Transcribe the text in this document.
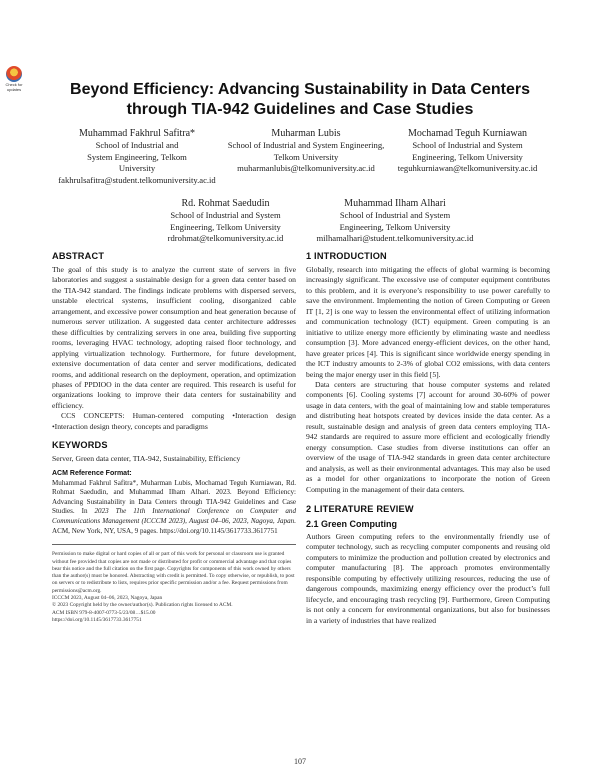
Check for updates	Beyond Efficiency: Advancing Sustainability in Data Centers
through TIA-942 Guidelines and Case Studies
Muhammad Fakhrul Safitra*
School of Industrial and System Engineering, Telkom University
fakhrulsafitra@student.telkomuniversity.ac.id
Muharman Lubis
School of Industrial and System Engineering, Telkom University
muharmanlubis@telkomuniversity.ac.id
Mochamad Teguh Kurniawan
School of Industrial and System Engineering, Telkom University
teguhkurniawan@telkomuniversity.ac.id
Rd. Rohmat Saedudin
School of Industrial and System Engineering, Telkom University
rdrohmat@telkomuniversity.ac.id
Muhammad Ilham Alhari
School of Industrial and System Engineering, Telkom University
milhamalhari@student.telkomuniversity.ac.id
ABSTRACT

The goal of this study is to analyze the current state of servers in five laboratories and suggest a sustainable design for a green data center based on the TIA-942 standard. The findings indicate problems with dispersed servers, unstable electrical systems, insufficient cooling, disorganized cable arrangement, and excessive power consumption and heat generation because of numerous server utilization. A suggested data center architecture addresses these difficulties by centralizing servers in one area, building five supporting rooms, leveraging HVAC technology, adopting raised floor technology, and applying virtualization technology. Furthermore, for future development, extensive documentation of data center and server modifications, dedicated rooms, and additional research on the deployment, operation, and optimization phases of PPDIOO in the data center are required. This research is useful for organizations looking to improve their data centers for sustainability and efficiency.

CCS CONCEPTS: Human-centered computing •Interaction design •Interaction design theory, concepts and paradigms

KEYWORDS

Server, Green data center, TIA-942, Sustainability, Efficiency

ACM Reference Format:

Muhammad Fakhrul Safitra*, Muharman Lubis, Mochamad Teguh Kurniawan, Rd. Rohmat Saedudin, and Muhammad Ilham Alhari. 2023. Beyond Efficiency: Advancing Sustainability in Data Centers through TIA-942 Guidelines and Case Studies. In 2023 The 11th International Conference on Computer and Communications Management (ICCCM 2023), August 04–06, 2023, Nagoya, Japan. ACM, New York, NY, USA, 9 pages. https://doi.org/10.1145/3617733.3617751

Permission to make digital or hard copies of all or part of this work for personal or classroom use is granted without fee provided that copies are not made or distributed for profit or commercial advantage and that copies bear this notice and the full citation on the first page. Copyrights for components of this work owned by others than the author(s) must be honored. Abstracting with credit is permitted. To copy otherwise, or republish, to post on servers or to redistribute to lists, requires prior specific permission and/or a fee. Request permissions from permissions@acm.org.
ICCCM 2023, August 04–06, 2023, Nagoya, Japan
© 2023 Copyright held by the owner/author(s). Publication rights licensed to ACM.
ACM ISBN 979-8-4007-0773-5/23/08…$15.00
https://doi.org/10.1145/3617733.3617751
1 INTRODUCTION

Globally, research into mitigating the effects of global warming is becoming increasingly significant. The excessive use of computer equipment contributes to this problem, and it is everyone’s responsibility to use power carefully to save the environment. Implementing the notion of Green Computing or Green IT [1, 2] is one way to lessen the environmental effect of utilizing information and communication technology (ICT) equipment. Green computing is an initiative to utilize energy more efficiently by eliminating waste and needless consumption [3]. More advanced energy-efficient devices, on the other hand, have greater prices [4]. This is significant since worldwide energy spending in the ICT industry amounts to 2-3% of global CO2 emissions, with data centers being the major energy user in this field [5].

Data centers are structuring that house computer systems and related components [6]. Cooling systems [7] account for around 30-60% of power usage in data centers, with the goal of maintaining low and stable temperatures and distributing heat hotspots created by devices inside the data center. As a result, sustainable design and analysis of green data centers employing TIA-942 standards are required to assure more efficient and ecologically friendly energy consumption. Case studies from diverse institutions can offer an overview of the usage of TIA-942 standards in green data center architecture and analysis, as well as their environmental advantages. This may also be used as a model for other organizations to incorporate the notion of Green Computing in the management of their data centers.

2 LITERATURE REVIEW
2.1 Green Computing

Authors Green computing refers to the environmentally friendly use of computer technology, such as recycling computer components and reusing old computers to minimize the production and pollution created by electronics and computer manufacturing [8]. The approach promotes environmentally responsible computing by effectively utilizing resources, reducing the use of dangerous compounds, maximizing energy efficiency over the product’s full lifecycle, and encouraging trash recycling [9]. Furthermore, Green Computing is not only a concern for environmental organizations, but also for businesses in a variety of industries that have realized

107
